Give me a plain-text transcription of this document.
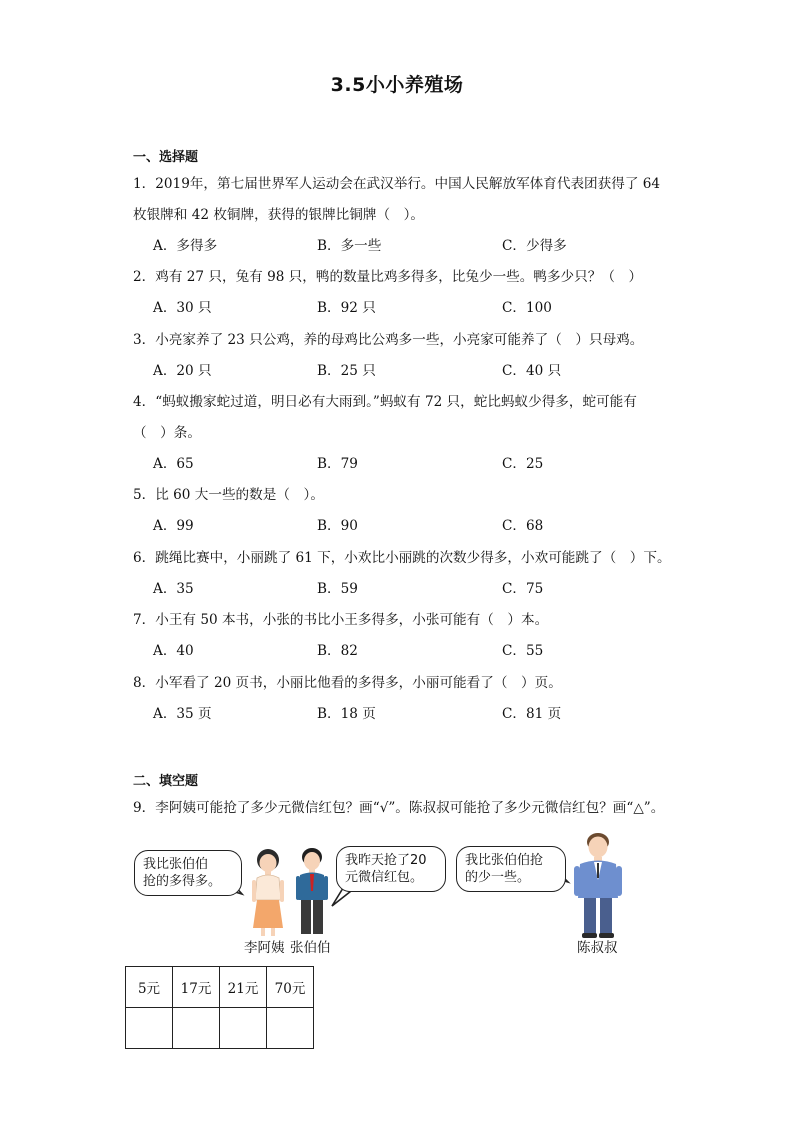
3.5小小养殖场
一、选择题
1．2019年，第七届世界军人运动会在武汉举行。中国人民解放军体育代表团获得了 64
枚银牌和 42 枚铜牌，获得的银牌比铜牌（　）。
A．多得多	B．多一些	C．少得多
2．鸡有 27 只，兔有 98 只，鸭的数量比鸡多得多，比兔少一些。鸭多少只？（　）
A．30 只	B．92 只	C．100
3．小亮家养了 23 只公鸡，养的母鸡比公鸡多一些，小亮家可能养了（　）只母鸡。
A．20 只	B．25 只	C．40 只
4．“蚂蚁搬家蛇过道，明日必有大雨到。”蚂蚁有 72 只，蛇比蚂蚁少得多，蛇可能有
（　）条。
A．65	B．79	C．25
5．比 60 大一些的数是（　）。
A．99	B．90	C．68
6．跳绳比赛中，小丽跳了 61 下，小欢比小丽跳的次数少得多，小欢可能跳了（　）下。
A．35	B．59	C．75
7．小王有 50 本书，小张的书比小王多得多，小张可能有（　）本。
A．40	B．82	C．55
8．小军看了 20 页书，小丽比他看的多得多，小丽可能看了（　）页。
A．35 页	B．18 页	C．81 页
二、填空题
9．李阿姨可能抢了多少元微信红包？画“√”。陈叔叔可能抢了多少元微信红包？画“△”。
我比张伯伯
抢的多得多。
我昨天抢了20
元微信红包。
我比张伯伯抢
的少一些。
李阿姨 张伯伯	陈叔叔
5元	17元	21元	70元
